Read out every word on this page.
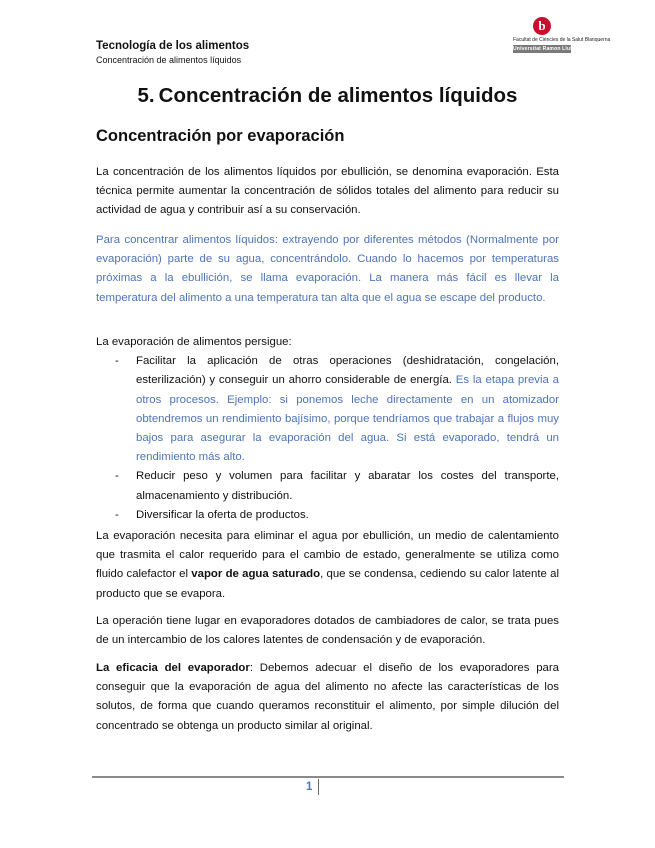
Tecnología de los alimentos
Concentración de alimentos líquidos
b
Facultat de Ciències de la Salut Blanquerna
Universitat Ramon Llull
5. Concentración de alimentos líquidos
Concentración por evaporación
La concentración de los alimentos líquidos por ebullición, se denomina evaporación. Esta técnica permite aumentar la concentración de sólidos totales del alimento para reducir su actividad de agua y contribuir así a su conservación.
Para concentrar alimentos líquidos: extrayendo por diferentes métodos (Normalmente por evaporación) parte de su agua, concentrándolo. Cuando lo hacemos por temperaturas próximas a la ebullición, se llama evaporación. La manera más fácil es llevar la temperatura del alimento a una temperatura tan alta que el agua se escape del producto.
La evaporación de alimentos persigue:
- Facilitar la aplicación de otras operaciones (deshidratación, congelación, esterilización) y conseguir un ahorro considerable de energía. Es la etapa previa a otros procesos. Ejemplo: si ponemos leche directamente en un atomizador obtendremos un rendimiento bajísimo, porque tendríamos que trabajar a flujos muy bajos para asegurar la evaporación del agua. Si está evaporado, tendrá un rendimiento más alto.
- Reducir peso y volumen para facilitar y abaratar los costes del transporte, almacenamiento y distribución.
- Diversificar la oferta de productos.
La evaporación necesita para eliminar el agua por ebullición, un medio de calentamiento que trasmita el calor requerido para el cambio de estado, generalmente se utiliza como fluido calefactor el vapor de agua saturado, que se condensa, cediendo su calor latente al producto que se evapora.
La operación tiene lugar en evaporadores dotados de cambiadores de calor, se trata pues de un intercambio de los calores latentes de condensación y de evaporación.
La eficacia del evaporador: Debemos adecuar el diseño de los evaporadores para conseguir que la evaporación de agua del alimento no afecte las características de los solutos, de forma que cuando queramos reconstituir el alimento, por simple dilución del concentrado se obtenga un producto similar al original.
1
